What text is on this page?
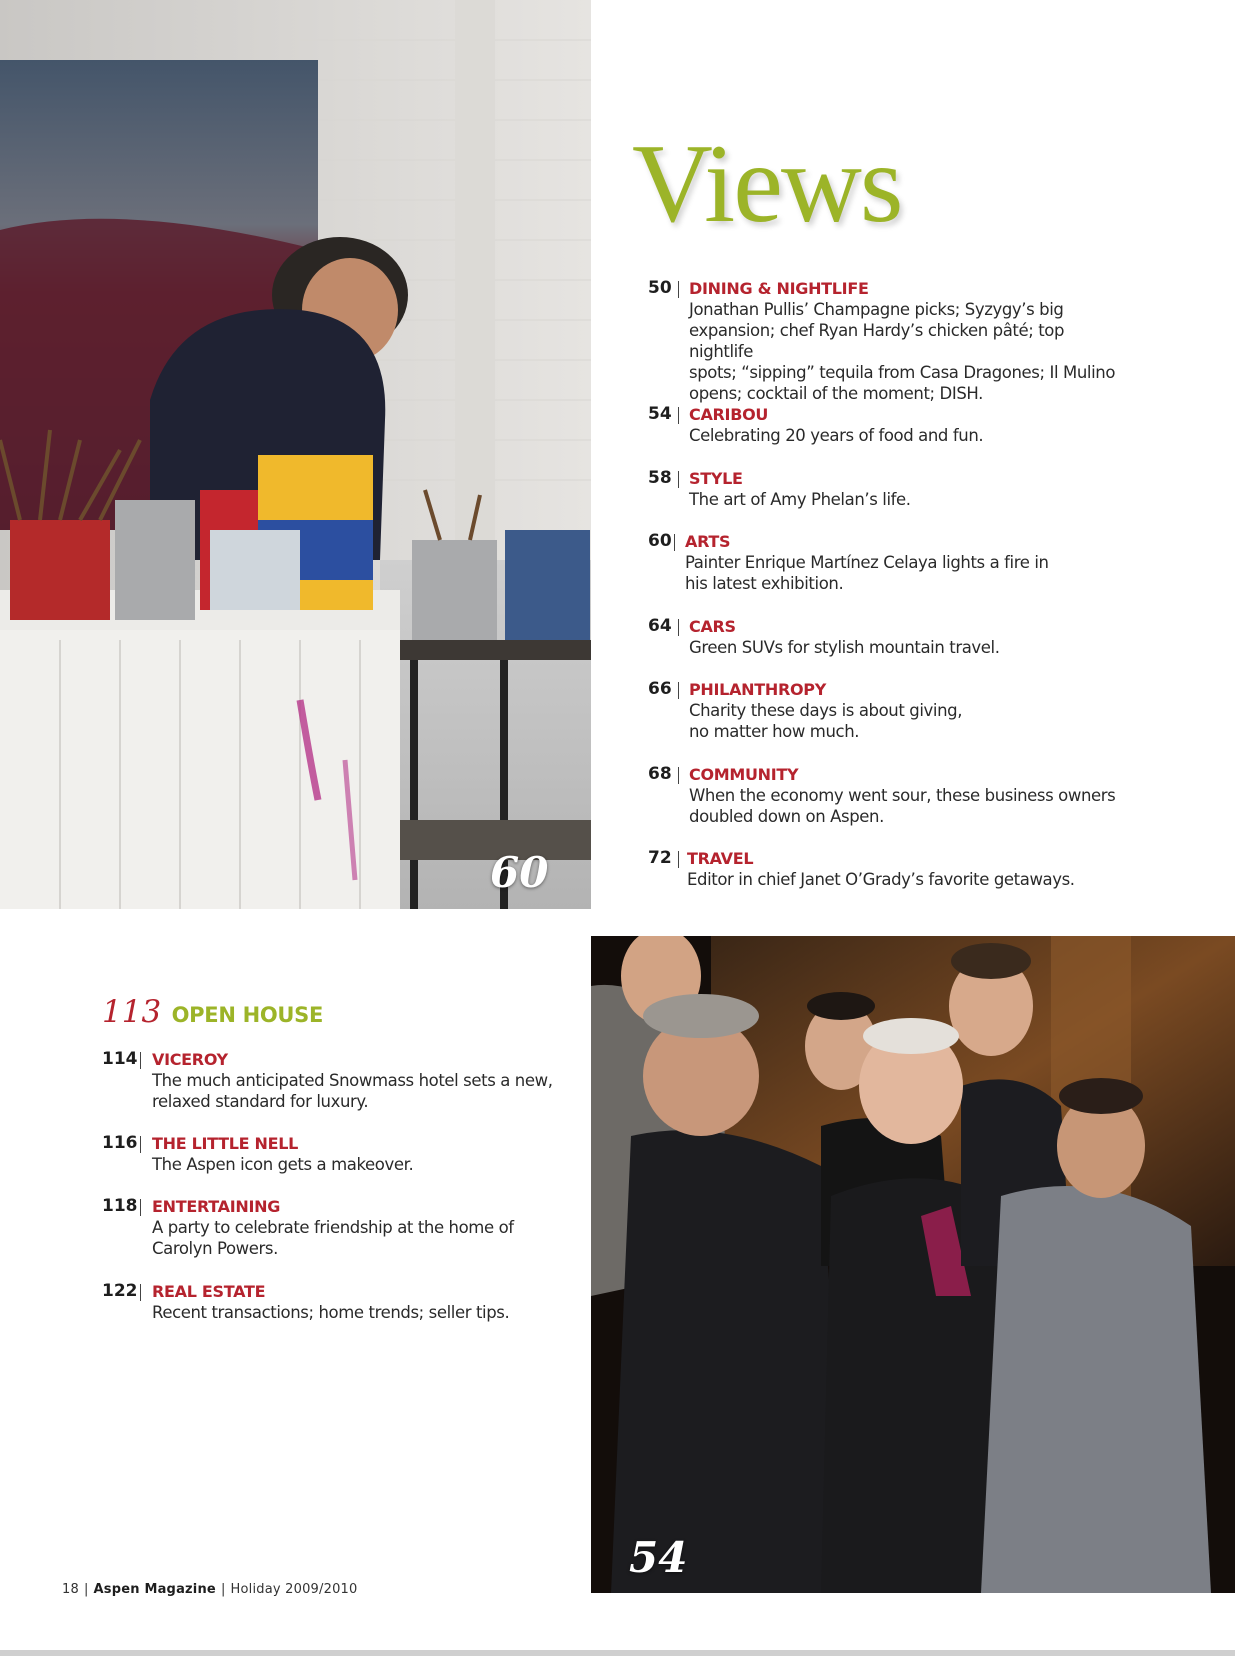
60
Views
50 DINING & NIGHTLIFE
Jonathan Pullis’ Champagne picks; Syzygy’s big
expansion; chef Ryan Hardy’s chicken pâté; top nightlife
spots; “sipping” tequila from Casa Dragones; Il Mulino
opens; cocktail of the moment; DISH.
54 CARIBOU
Celebrating 20 years of food and fun.
58 STYLE
The art of Amy Phelan’s life.
60 ARTS
Painter Enrique Martínez Celaya lights a fire in
his latest exhibition.
64 CARS
Green SUVs for stylish mountain travel.
66 PHILANTHROPY
Charity these days is about giving,
no matter how much.
68 COMMUNITY
When the economy went sour, these business owners
doubled down on Aspen.
72 TRAVEL
Editor in chief Janet O’Grady’s favorite getaways.
54
113 OPEN HOUSE
114 VICEROY
The much anticipated Snowmass hotel sets a new,
relaxed standard for luxury.
116 THE LITTLE NELL
The Aspen icon gets a makeover.
118 ENTERTAINING
A party to celebrate friendship at the home of
Carolyn Powers.
122 REAL ESTATE
Recent transactions; home trends; seller tips.
18 | Aspen Magazine | Holiday 2009/2010
